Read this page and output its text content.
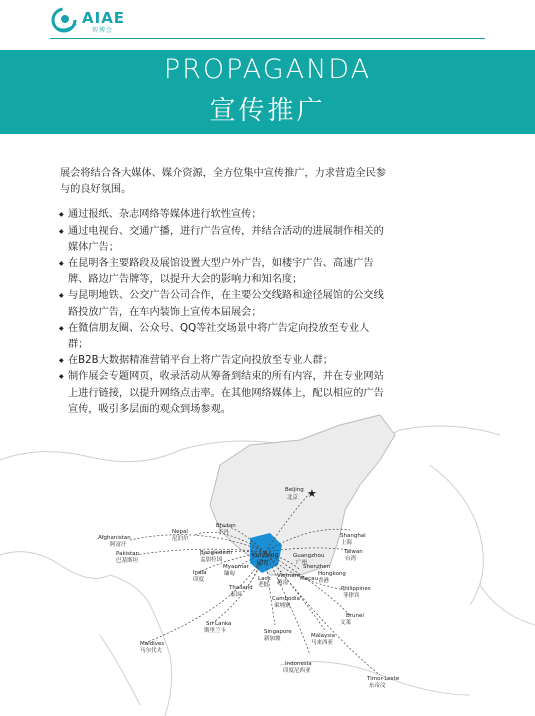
AIAE
智博会
PROPAGANDA
宣传推广

展会将结合各大媒体、媒介资源，全方位集中宣传推广，力求营造全民参与的良好氛围。

◆ 通过报纸、杂志网络等媒体进行软性宣传；
◆ 通过电视台、交通广播，进行广告宣传，并结合活动的进展制作相关的媒体广告；
◆ 在昆明各主要路段及展馆设置大型户外广告，如楼宇广告、高速广告牌、路边广告牌等，以提升大会的影响力和知名度；
◆ 与昆明地铁、公交广告公司合作，在主要公交线路和途径展馆的公交线路投放广告，在车内装饰上宣传本届展会；
◆ 在微信朋友圈、公众号、QQ等社交场景中将广告定向投放至专业人群；
◆ 在B2B大数据精准营销平台上将广告定向投放至专业人群；
◆ 制作展会专题网页，收录活动从筹备到结束的所有内容，并在专业网站上进行链接，以提升网络点击率。在其他网络媒体上，配以相应的广告宣传，吸引多层面的观众到场参观。
Kunming
昆明
★
Beijing
北京
Shanghai
上海
Taiwan
台湾
Guangzhou
广州
Shenzhen
Hongkong
香港
Macau
Bhutan
不丹
Nepal
尼泊尔
Afghanistan
阿富汗
Pakistan
巴基斯坦
Bangladesh
孟加拉国
India
印度
Myanmar
缅甸
Laos
老挝
Vietnam
越南
Thailand
泰国
Cambodia
柬埔寨
Philippines
菲律宾
Sri Lanka
斯里兰卡
Maldives
马尔代夫
Singapore
新加坡	Malaysia
马来西亚
Brunei
文莱
Indonesia
印度尼西亚
Timor-Leste
东帝汶
